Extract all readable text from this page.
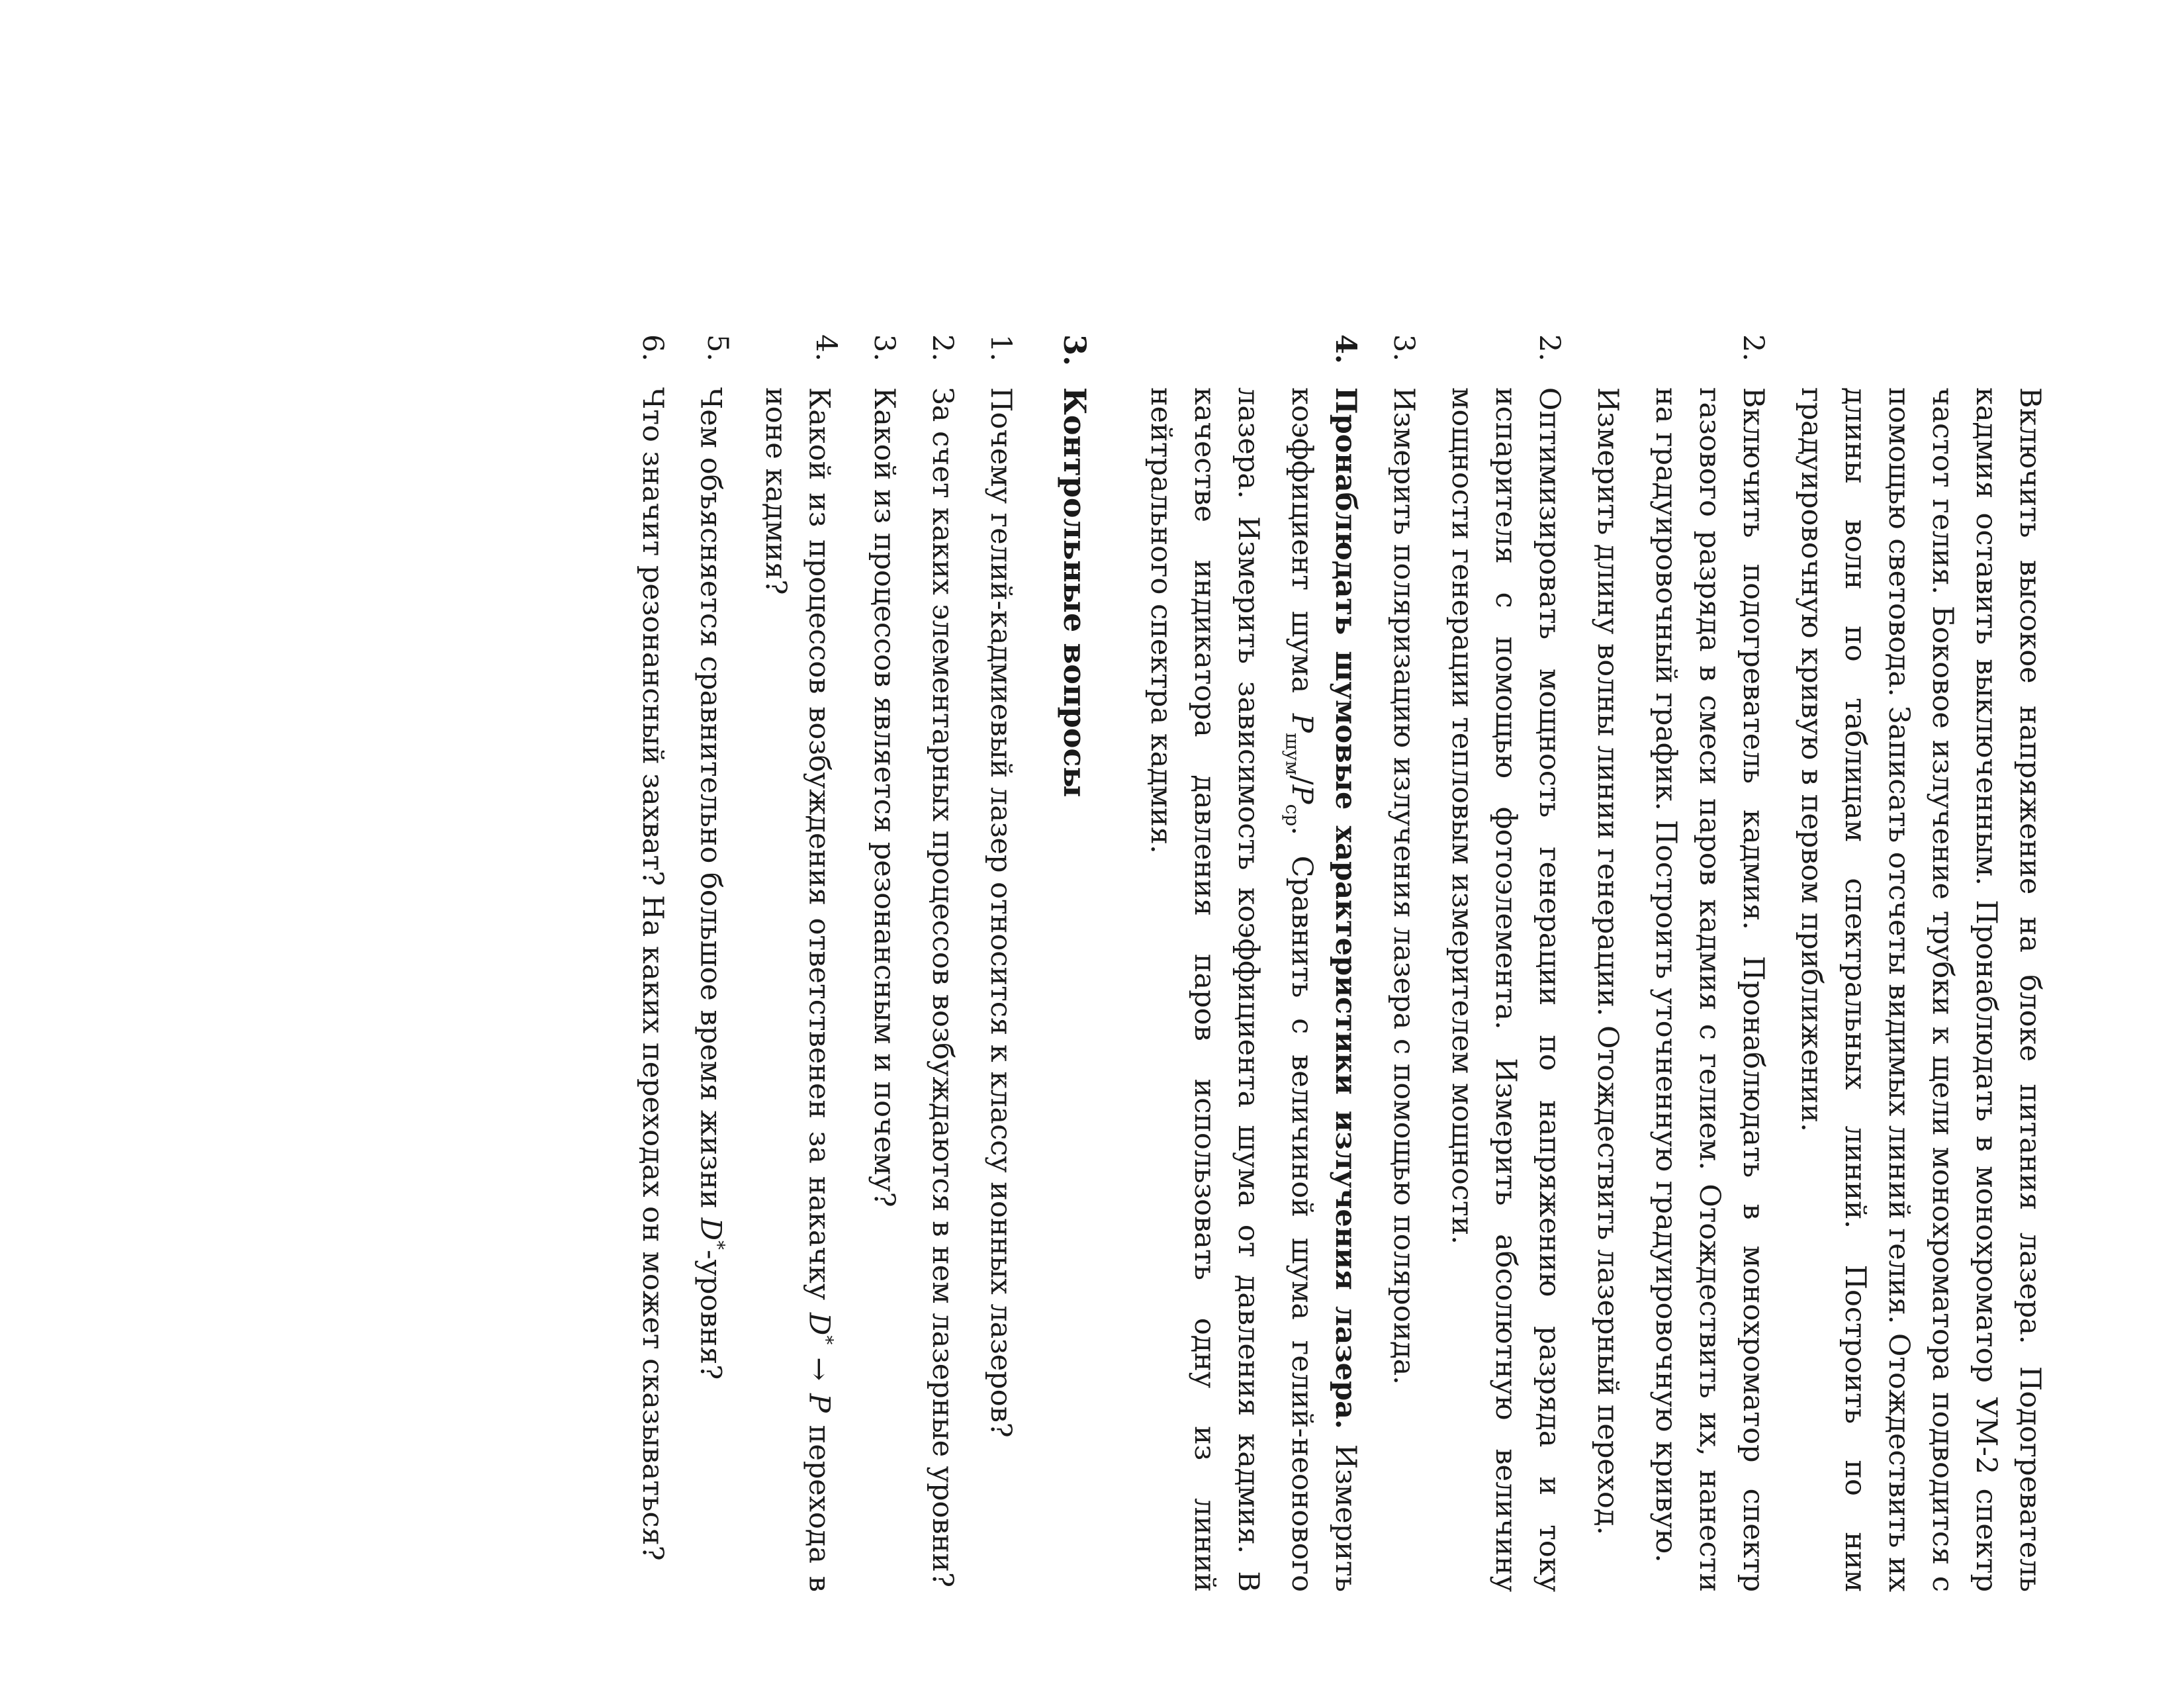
Включить высокое напряжение на блоке питания лазера. Подогреватель кадмия оставить выключенным. Пронаблюдать в монохроматор УМ-2 спектр частот гелия. Боковое излучение трубки к щели монохроматора подводится с помощью световода. Записать отсчеты видимых линий гелия. Отождествить их длины волн по таблицам спектральных линий. Построить по ним градуировочную кривую в первом приближении.

2.

Включить подогреватель кадмия. Пронаблюдать в монохроматор спектр газового разряда в смеси паров кадмия с гелием. Отождествить их, нанести на градуировочный график. Построить уточненную градуировочную кривую.

Измерить длину волны линии генерации. Отождествить лазерный переход.

2.

Оптимизировать мощность генерации по напряжению разряда и току испарителя с помощью фотоэлемента. Измерить абсолютную величину мощности генерации тепловым измерителем мощности.

3.

Измерить поляризацию излучения лазера с помощью поляроида.

4.

Пронаблюдать шумовые характеристики излучения лазера. Измерить коэффициент шума $P_{шум}/P_{ср}$. Сравнить с величиной шума гелий-неонового лазера. Измерить зависимость коэффициента шума от давления кадмия. В качестве индикатора давления паров использовать одну из линий нейтрального спектра кадмия.

3.
Контрольные вопросы
1.

Почему гелий-кадмиевый лазер относится к классу ионных лазеров?

2.

За счет каких элементарных процессов возбуждаются в нем лазерные уровни?

3.

Какой из процессов является резонансным и почему?

4.

Какой из процессов возбуждения ответственен за накачку D* → P перехода в ионе кадмия?

5.

Чем объясняется сравнительно большое время жизни D*-уровня?

6.

Что значит резонансный захват? На каких переходах он может сказываться?
